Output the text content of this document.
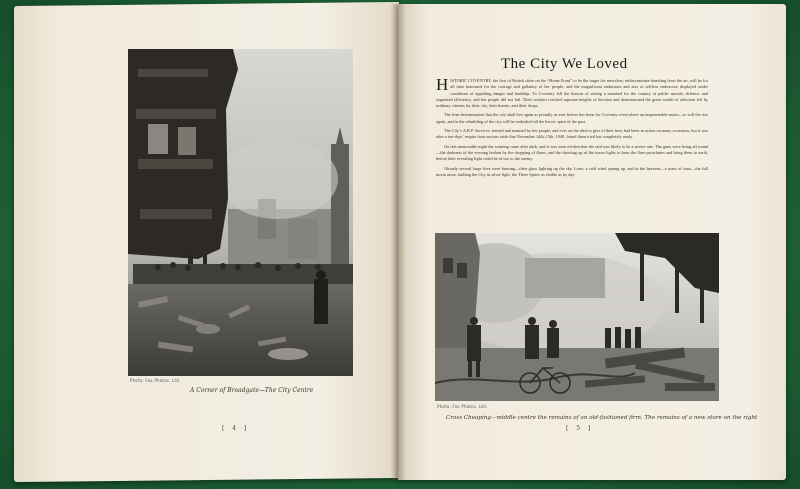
Photo: Fox Photos, Ltd.
A Corner of Broadgate—The City Centre
[ 4 ]
The City We Loved

HISTORIC COVENTRY, the first of British cities on the “Home Front” to be the target for merciless, indiscriminate bombing from the air, will be for all time honoured for the courage and gallantry of her people, and the magnificent endurance and acts of selfless endeavour displayed under conditions of appalling danger and hardship. To Coventry fell the honour of setting a standard for the country of public morale, defence, and organised efficiency, and her people did not fail. Their conduct reached supreme heights of heroism and demonstrated the great wealth of affection felt by ordinary citizens for their city, their homes, and their shops.

The firm determination that the city shall live again as proudly as ever before has been for Coventry everywhere an impenetrable motto—to will the rise again, and in the rebuilding of the city will be embodied all the heroic spirit of the past.

The City’s A.R.P. Services, trained and manned by her people, and ever on the alert to give of their best, had been in action on many occasions, but it was after a ten-days’ respite from serious raids that November 14th–15th, 1940, found them tried but completely ready.

On this memorable night the warning came after dark, and it was soon evident that the raid was likely to be a severe one. The guns were firing all round—the darkness of the evening broken by the dropping of flares, and the shooting up of the tracer lights to burn the flare parachutes and bring them to earth, before their revealing light could be of use to the enemy.

Already several large fires were burning—their glow lighting up the sky. Later, a cold wind sprang up, and in the heavens—a mass of stars—the full moon arose, bathing the City in silver light, the Three Spires as visible as by day.

Photo: Fox Photos, Ltd.
Cross Cheaping—middle centre the remains of an old-fashioned firm. The remains of a new store on the right
[ 5 ]
